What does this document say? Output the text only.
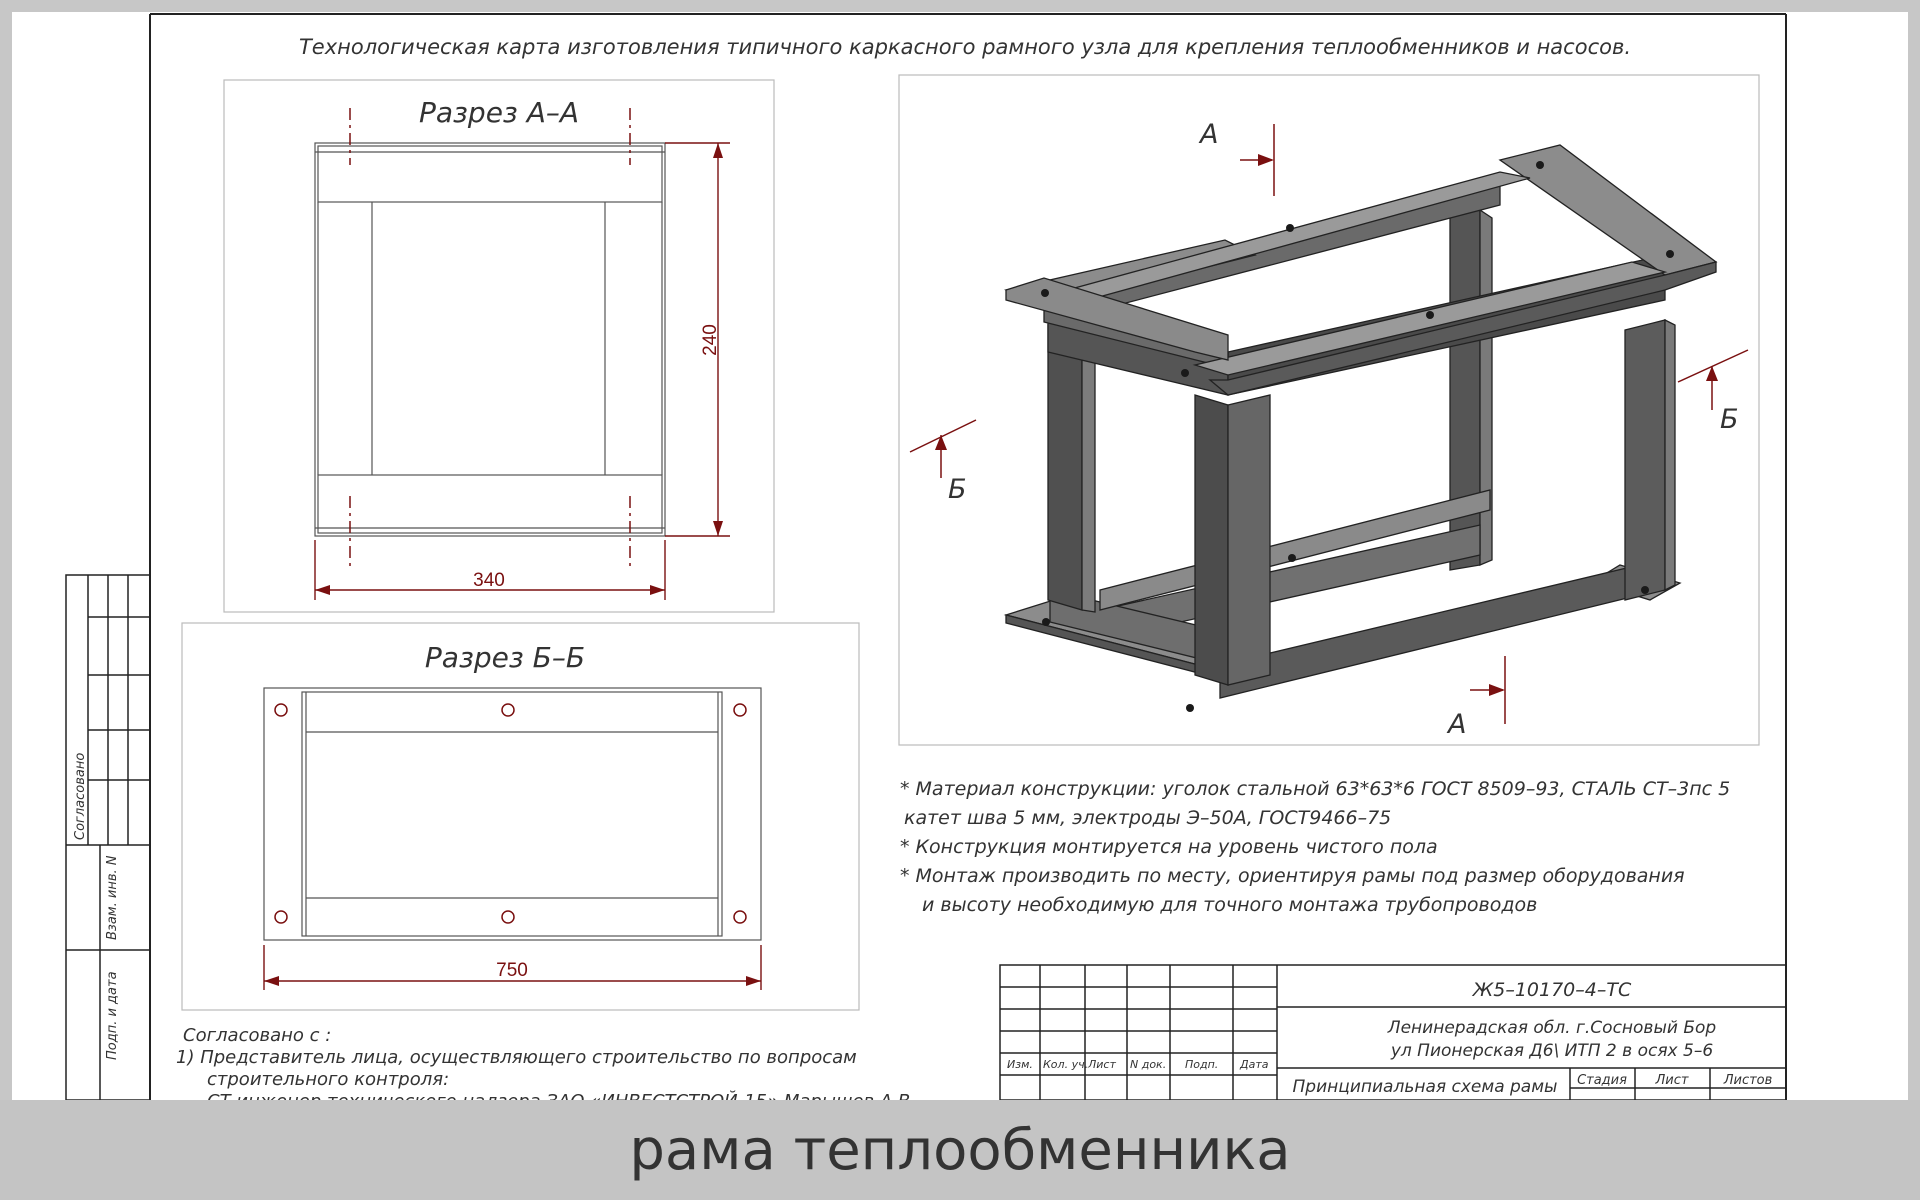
Согласовано
Взам. инв. N
Подп. и дата
Технологическая карта изготовления типичного каркасного рамного узла для крепления теплообменников и насосов.
Разрез А–А
240
340
Разрез Б–Б
750
А
А
Б
Б
* Материал конструкции: уголок стальной 63*63*6 ГОСТ 8509–93, СТАЛЬ СТ–3пс 5
катет шва 5 мм, электроды Э–50А, ГОСТ9466–75
* Конструкция монтируется на уровень чистого пола
* Монтаж производить по месту, ориентируя рамы под размер оборудования
и высоту необходимую для точного монтажа трубопроводов
Согласовано с :
1) Представитель лица, осуществляющего строительство по вопросам
строительного контроля:
Изм. Кол. уч. Лист N док. Подп. Дата
Ж5–10170–4–ТС
Ленинерадская обл. г.Сосновый Бор
ул Пионерская Д6\ ИТП 2 в осях 5–6
Принципиальная схема рамы Стадия Лист	Листов
рама теплообменника
